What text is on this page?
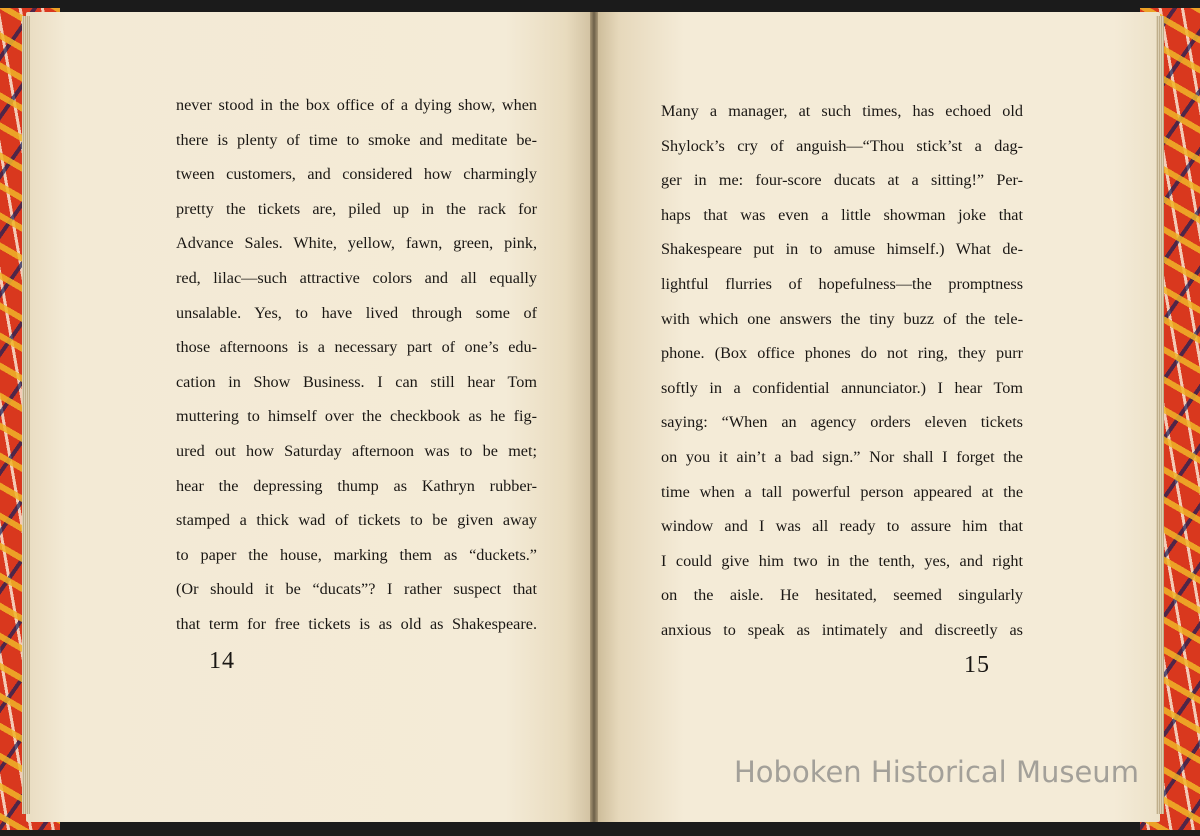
never stood in the box office of a dying show, when
there is plenty of time to smoke and meditate be-
tween customers, and considered how charmingly
pretty the tickets are, piled up in the rack for
Advance Sales. White, yellow, fawn, green, pink,
red, lilac—such attractive colors and all equally
unsalable. Yes, to have lived through some of
those afternoons is a necessary part of one’s edu-
cation in Show Business. I can still hear Tom
muttering to himself over the checkbook as he fig-
ured out how Saturday afternoon was to be met;
hear the depressing thump as Kathryn rubber-
stamped a thick wad of tickets to be given away
to paper the house, marking them as “duckets.”
(Or should it be “ducats”? I rather suspect that
that term for free tickets is as old as Shakespeare.
14
Many a manager, at such times, has echoed old
Shylock’s cry of anguish—“Thou stick’st a dag-
ger in me: four-score ducats at a sitting!” Per-
haps that was even a little showman joke that
Shakespeare put in to amuse himself.) What de-
lightful flurries of hopefulness—the promptness
with which one answers the tiny buzz of the tele-
phone. (Box office phones do not ring, they purr
softly in a confidential annunciator.) I hear Tom
saying: “When an agency orders eleven tickets
on you it ain’t a bad sign.” Nor shall I forget the
time when a tall powerful person appeared at the
window and I was all ready to assure him that
I could give him two in the tenth, yes, and right
on the aisle. He hesitated, seemed singularly
anxious to speak as intimately and discreetly as
15
Hoboken Historical Museum
